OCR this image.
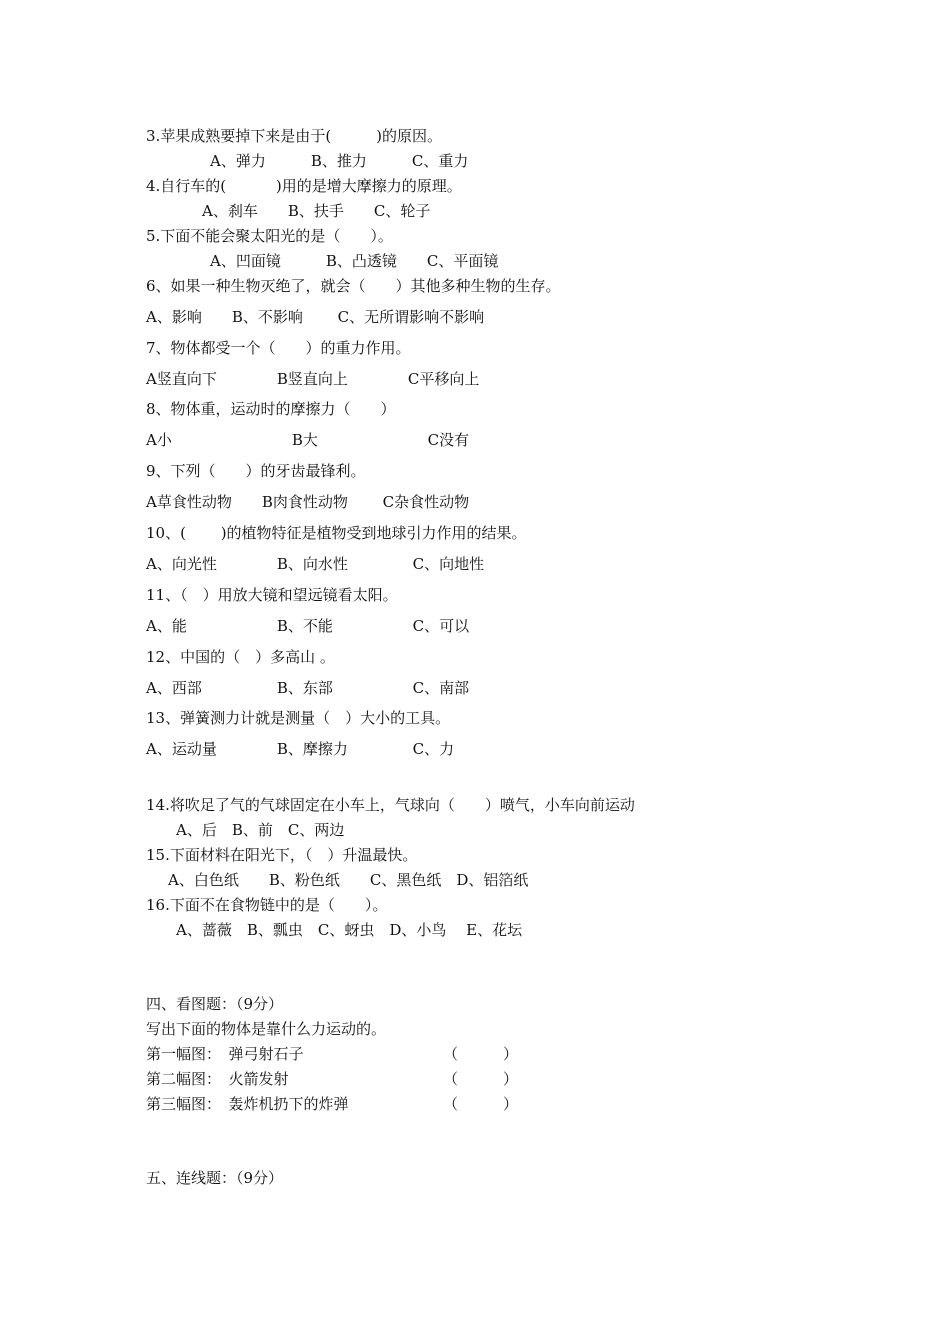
3.苹果成熟要掉下来是由于(　　　)的原因。
A、弹力　　　B、推力　　　C、重力
4.自行车的(　　　 )用的是增大摩擦力的原理。
A、刹车　　B、扶手　　C、轮子
5.下面不能会聚太阳光的是（　　）。
A、凹面镜　　　B、凸透镜　　C、平面镜
6、如果一种生物灭绝了，就会（　　）其他多种生物的生存。
A、影响　　B、不影响　　 C、无所谓影响不影响
7、物体都受一个（　　）的重力作用。
A竖直向下　　　　B竖直向上　　　　C平移向上
8、物体重，运动时的摩擦力（　　）
A小　　　　　　　　B大　　　　　　　 C没有
9、下列（　　）的牙齿最锋利。
A草食性动物　　B肉食性动物　　 C杂食性动物
10、(　　 )的植物特征是植物受到地球引力作用的结果。
A、向光性　　　　B、向水性　　　　 C、向地性
11、（　）用放大镜和望远镜看太阳。
A、能　　　　　　B、不能　　　　　 C、可以
12、中国的（　）多高山 。
A、西部　　　　　B、东部　　　　　 C、南部
13、弹簧测力计就是测量（　）大小的工具。
A、运动量　　　　B、摩擦力　　　　 C、力
14.将吹足了气的气球固定在小车上，气球向（　　）喷气，小车向前运动
A、后　B、前　C、两边
15.下面材料在阳光下，（　）升温最快。
A、白色纸　　B、粉色纸　　C、黑色纸　D、铝箔纸
16.下面不在食物链中的是（　　）。
A、蔷薇　B、瓢虫　C、蚜虫　D、小鸟　 E、花坛
四、看图题：（9分）
写出下面的物体是靠什么力运动的。
第一幅图：　弹弓射石子	（　　　）
第二幅图：　火箭发射	（　　　）
第三幅图：　轰炸机扔下的炸弹	（　　　）
五、连线题：（9分）
